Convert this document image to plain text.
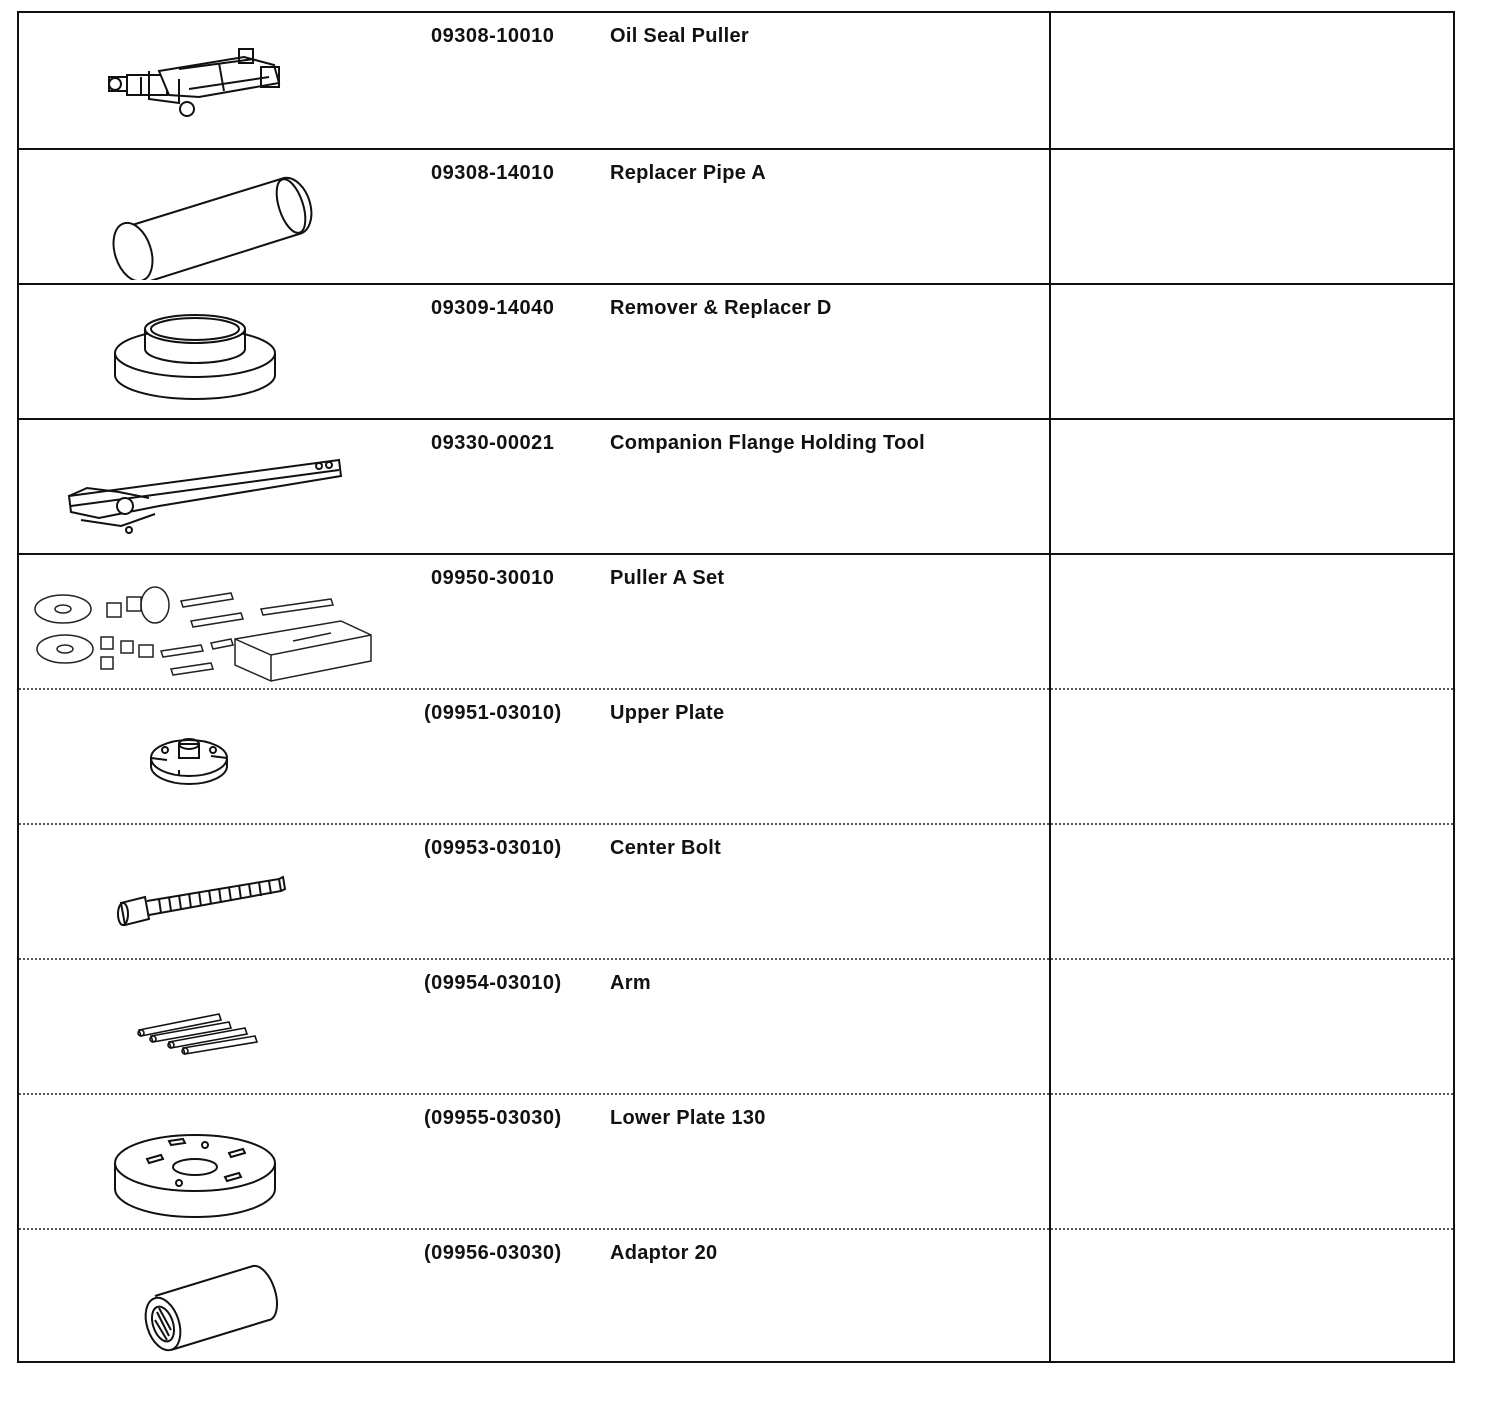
09308-10010	Oil Seal Puller
09308-14010	Replacer Pipe A
09309-14040	Remover & Replacer D
09330-00021	Companion Flange Holding Tool
09950-30010	Puller A Set
(09951-03010) Upper Plate
(09953-03010) Center Bolt
(09954-03010) Arm
(09955-03030) Lower Plate 130
(09956-03030) Adaptor 20
